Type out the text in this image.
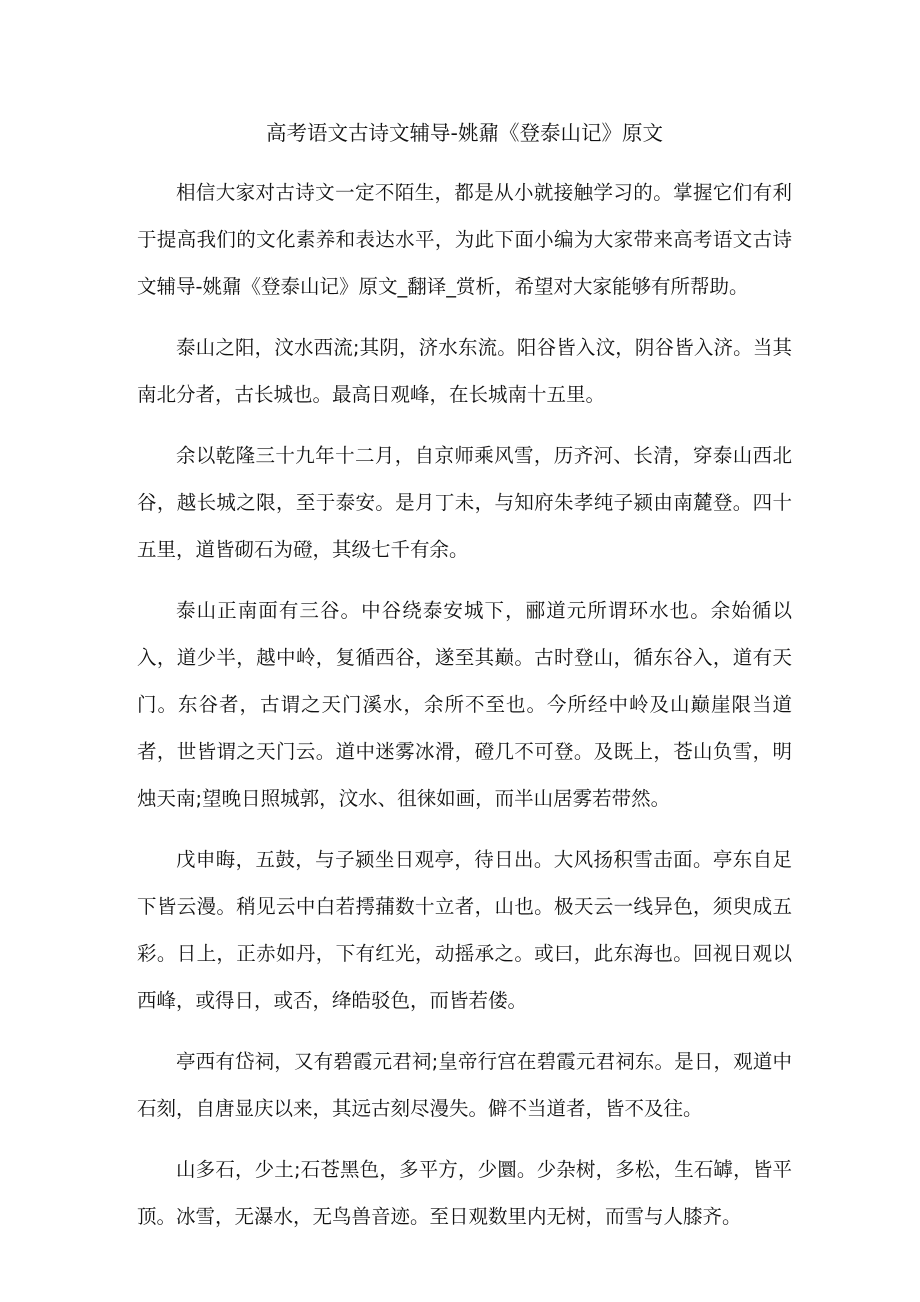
高考语文古诗文辅导-姚鼐《登泰山记》原文

相信大家对古诗文一定不陌生，都是从小就接触学习的。掌握它们有利于提高我们的文化素养和表达水平，为此下面小编为大家带来高考语文古诗文辅导-姚鼐《登泰山记》原文_翻译_赏析，希望对大家能够有所帮助。

泰山之阳，汶水西流;其阴，济水东流。阳谷皆入汶，阴谷皆入济。当其南北分者，古长城也。最高日观峰，在长城南十五里。

余以乾隆三十九年十二月，自京师乘风雪，历齐河、长清，穿泰山西北谷，越长城之限，至于泰安。是月丁未，与知府朱孝纯子颍由南麓登。四十五里，道皆砌石为磴，其级七千有余。

泰山正南面有三谷。中谷绕泰安城下，郦道元所谓环水也。余始循以入，道少半，越中岭，复循西谷，遂至其巅。古时登山，循东谷入，道有天门。东谷者，古谓之天门溪水，余所不至也。今所经中岭及山巅崖限当道者，世皆谓之天门云。道中迷雾冰滑，磴几不可登。及既上，苍山负雪，明烛天南;望晚日照城郭，汶水、徂徕如画，而半山居雾若带然。

戊申晦，五鼓，与子颍坐日观亭，待日出。大风扬积雪击面。亭东自足下皆云漫。稍见云中白若摴蒱数十立者，山也。极天云一线异色，须臾成五彩。日上，正赤如丹，下有红光，动摇承之。或曰，此东海也。回视日观以西峰，或得日，或否，绛皓驳色，而皆若偻。

亭西有岱祠，又有碧霞元君祠;皇帝行宫在碧霞元君祠东。是日，观道中石刻，自唐显庆以来，其远古刻尽漫失。僻不当道者，皆不及往。

山多石，少土;石苍黑色，多平方，少圜。少杂树，多松，生石罅，皆平顶。冰雪，无瀑水，无鸟兽音迹。至日观数里内无树，而雪与人膝齐。
